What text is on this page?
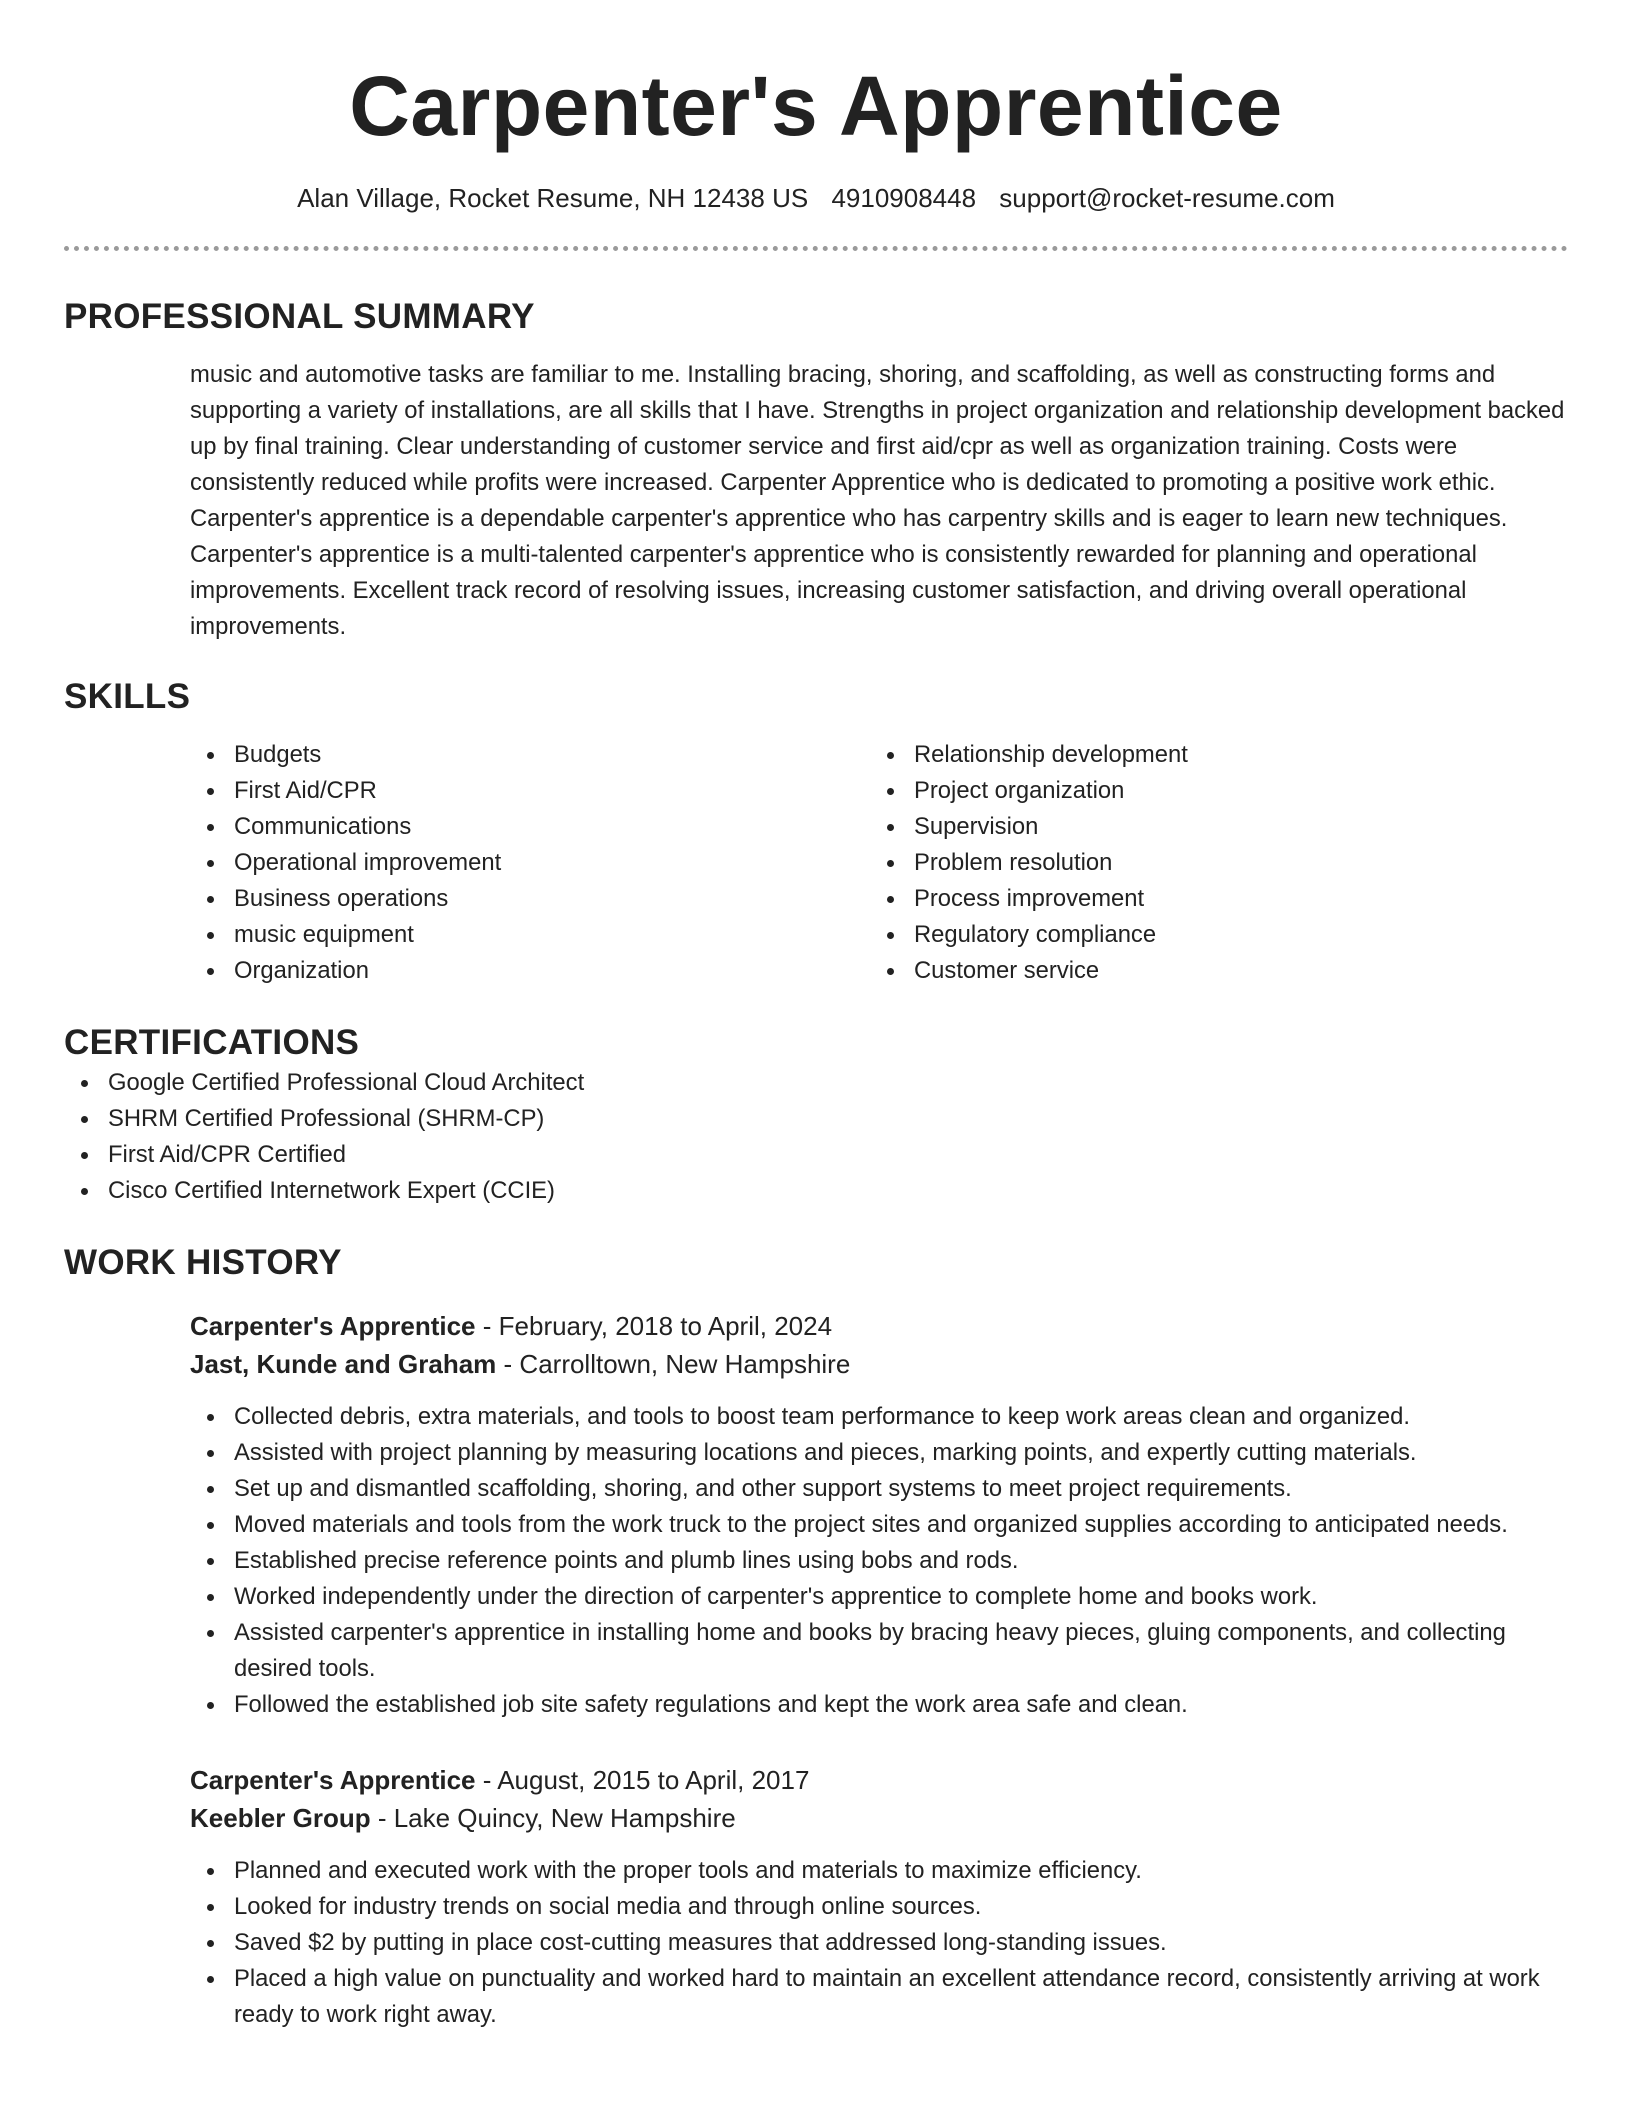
Carpenter's Apprentice
Alan Village, Rocket Resume, NH 12438 US 4910908448 support@rocket-resume.com
PROFESSIONAL SUMMARY
music and automotive tasks are familiar to me. Installing bracing, shoring, and scaffolding, as well as constructing forms and supporting a variety of installations, are all skills that I have. Strengths in project organization and relationship development backed up by final training. Clear understanding of customer service and first aid/cpr as well as organization training. Costs were consistently reduced while profits were increased. Carpenter Apprentice who is dedicated to promoting a positive work ethic. Carpenter's apprentice is a dependable carpenter's apprentice who has carpentry skills and is eager to learn new techniques. Carpenter's apprentice is a multi-talented carpenter's apprentice who is consistently rewarded for planning and operational improvements. Excellent track record of resolving issues, increasing customer satisfaction, and driving overall operational improvements.
SKILLS
Budgets
First Aid/CPR
Communications
Operational improvement
Business operations
music equipment
Organization
Relationship development
Project organization
Supervision
Problem resolution
Process improvement
Regulatory compliance
Customer service
CERTIFICATIONS
Google Certified Professional Cloud Architect
SHRM Certified Professional (SHRM-CP)
First Aid/CPR Certified
Cisco Certified Internetwork Expert (CCIE)
WORK HISTORY
Carpenter's Apprentice - February, 2018 to April, 2024
Jast, Kunde and Graham - Carrolltown, New Hampshire
Collected debris, extra materials, and tools to boost team performance to keep work areas clean and organized.
Assisted with project planning by measuring locations and pieces, marking points, and expertly cutting materials.
Set up and dismantled scaffolding, shoring, and other support systems to meet project requirements.
Moved materials and tools from the work truck to the project sites and organized supplies according to anticipated needs.
Established precise reference points and plumb lines using bobs and rods.
Worked independently under the direction of carpenter's apprentice to complete home and books work.
Assisted carpenter's apprentice in installing home and books by bracing heavy pieces, gluing components, and collecting desired tools.
Followed the established job site safety regulations and kept the work area safe and clean.
Carpenter's Apprentice - August, 2015 to April, 2017
Keebler Group - Lake Quincy, New Hampshire
Planned and executed work with the proper tools and materials to maximize efficiency.
Looked for industry trends on social media and through online sources.
Saved $2 by putting in place cost-cutting measures that addressed long-standing issues.
Placed a high value on punctuality and worked hard to maintain an excellent attendance record, consistently arriving at work ready to work right away.
